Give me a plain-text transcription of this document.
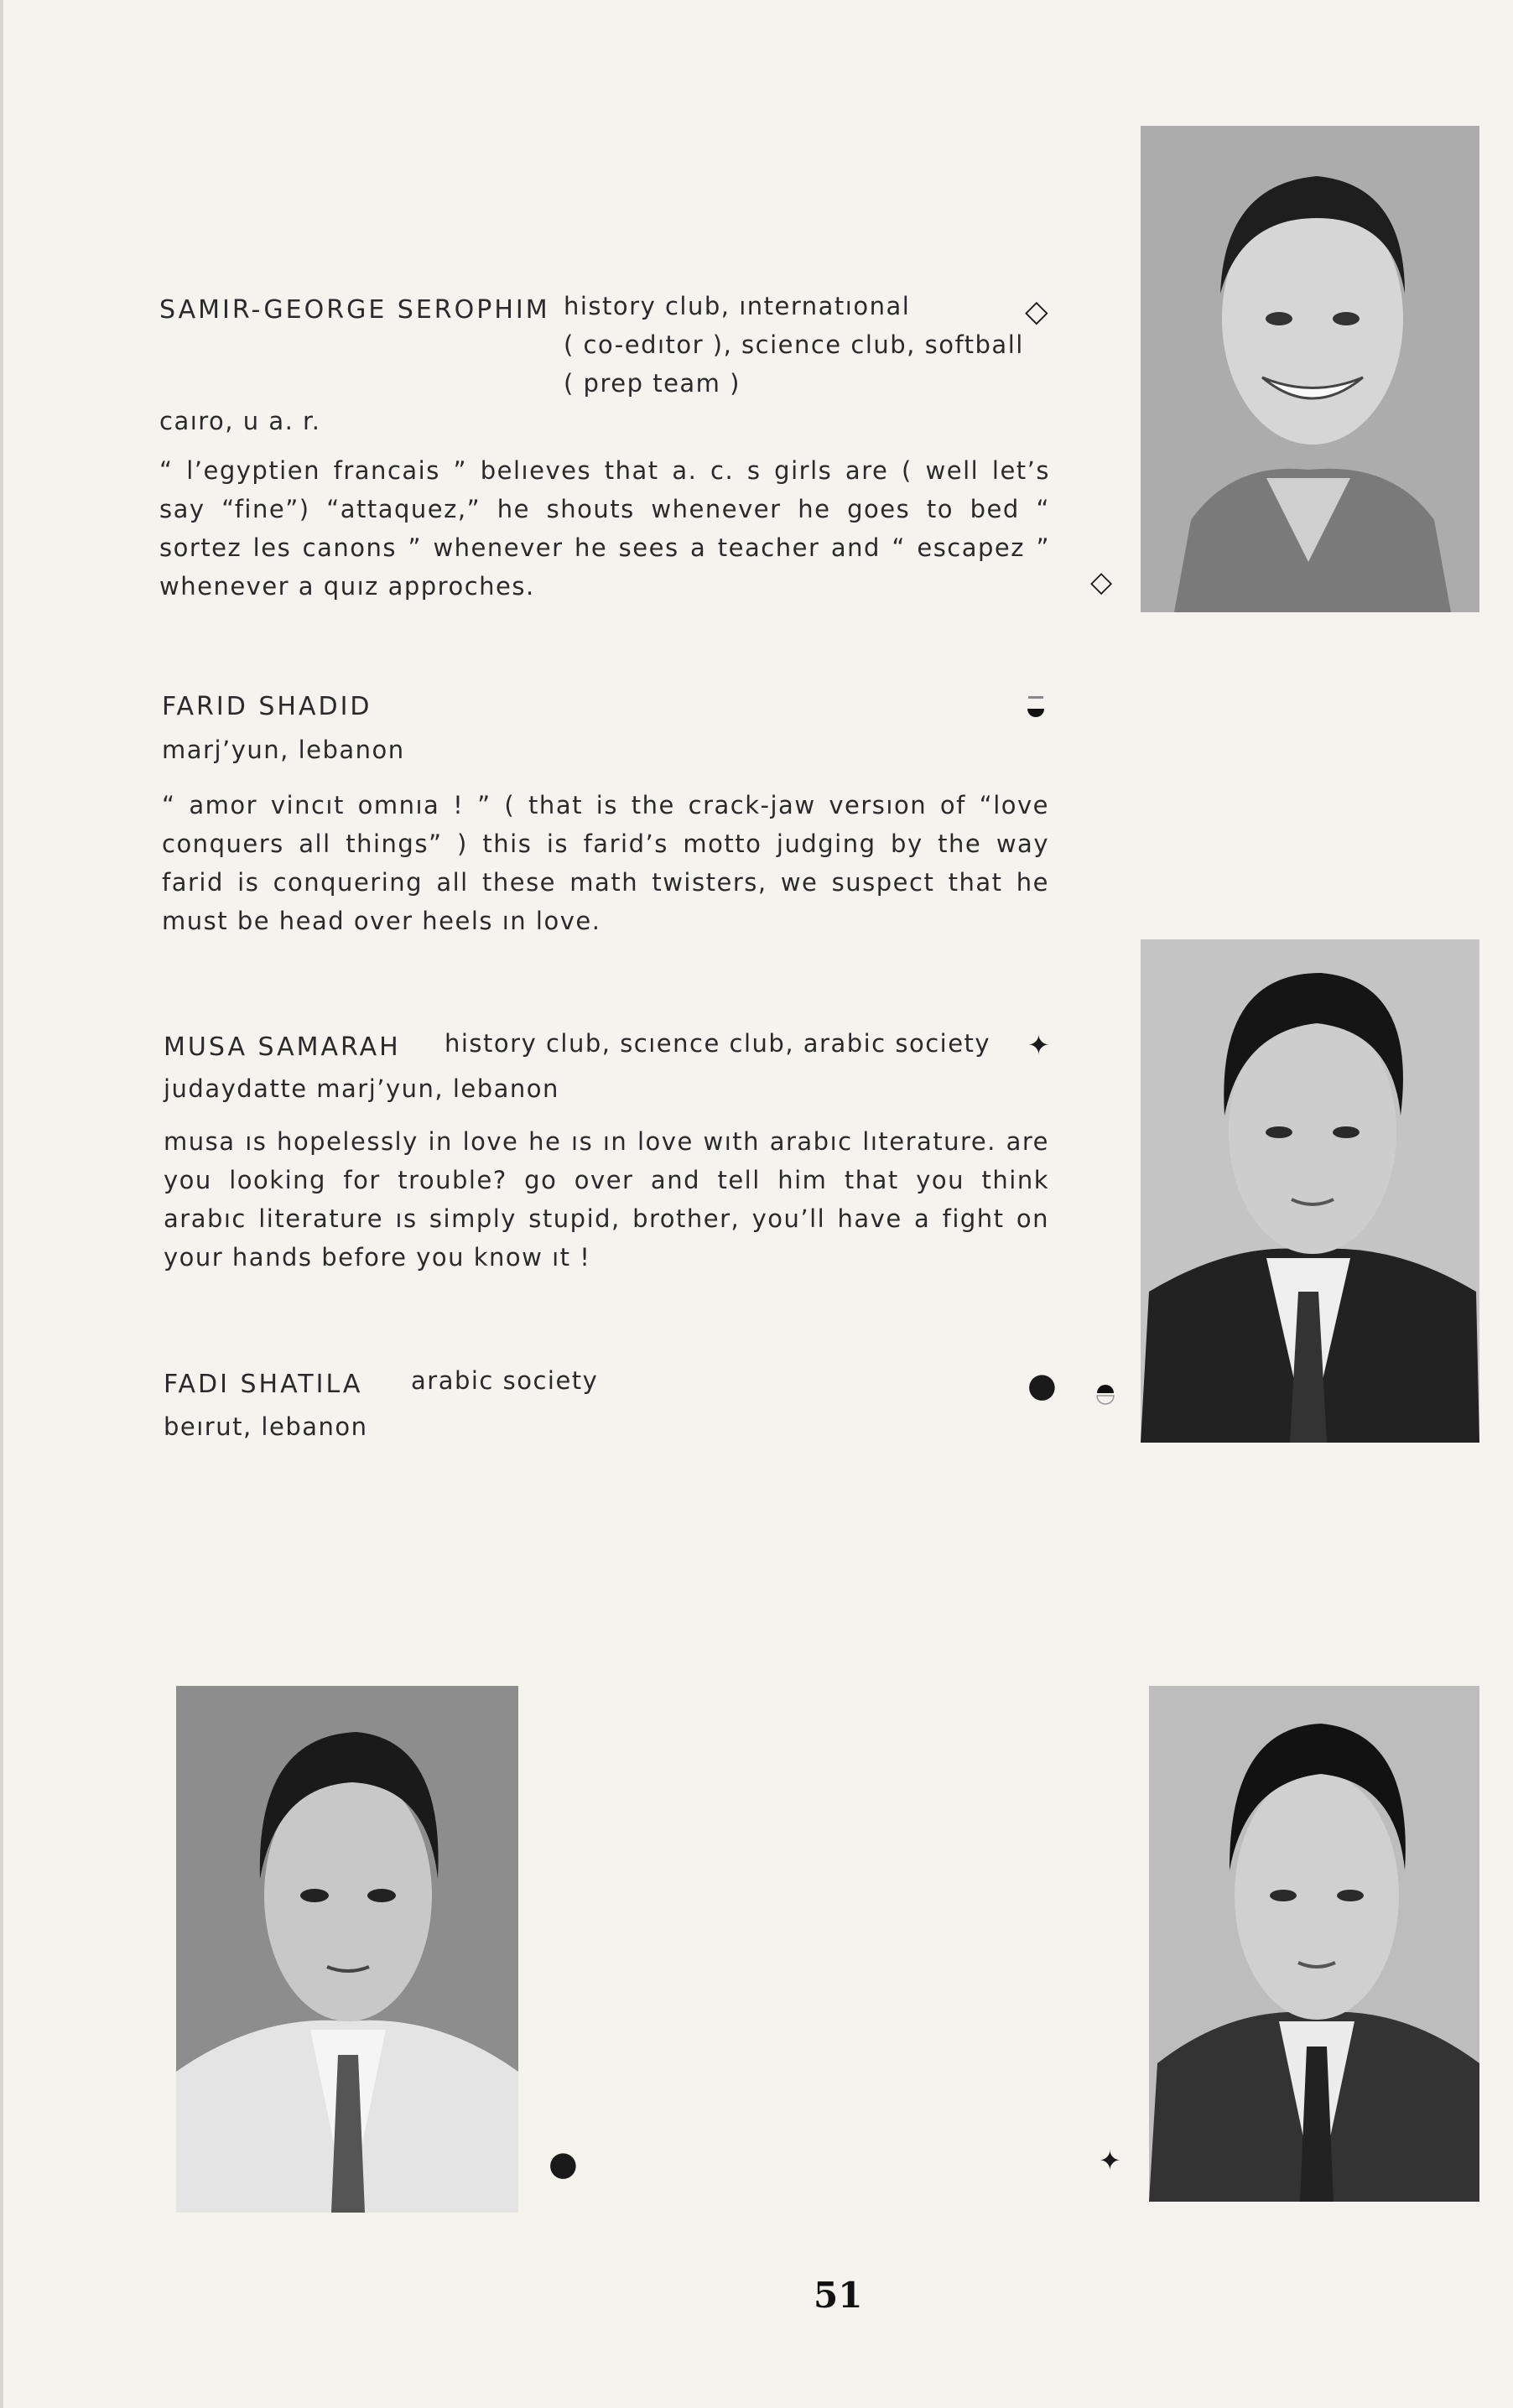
SAMIR-GEORGE SEROPHIM history club, ınternatıonal
( co-edıtor ), science club, softball
( prep team )
◇
caıro, u a. r.
“ l’egyptien francais ” belıeves that a. c. s girls are ( well let’s say “fine”) “attaquez,” he shouts whenever he goes to bed “ sortez les canons ” whenever he sees a teacher and “ escapez ” whenever a quız approches.	◇
FARID SHADID
marj’yun, lebanon
“ amor vincıt omnıa ! ” ( that is the crack-jaw versıon of “love conquers all things” ) this is farid’s motto judging by the way farid is conquering all these math twisters, we suspect that he must be head over heels ın love.
MUSA SAMARAH history club, scıence club, arabic society ✦
judaydatte marj’yun, lebanon
musa ıs hopelessly in love he ıs ın love wıth arabıc lıterature. are you looking for trouble? go over and tell him that you think arabıc literature ıs simply stupid, brother, you’ll have a fight on your hands before you know ıt !
FADI SHATILA arabic society
beırut, lebanon
●
●	✦
51
